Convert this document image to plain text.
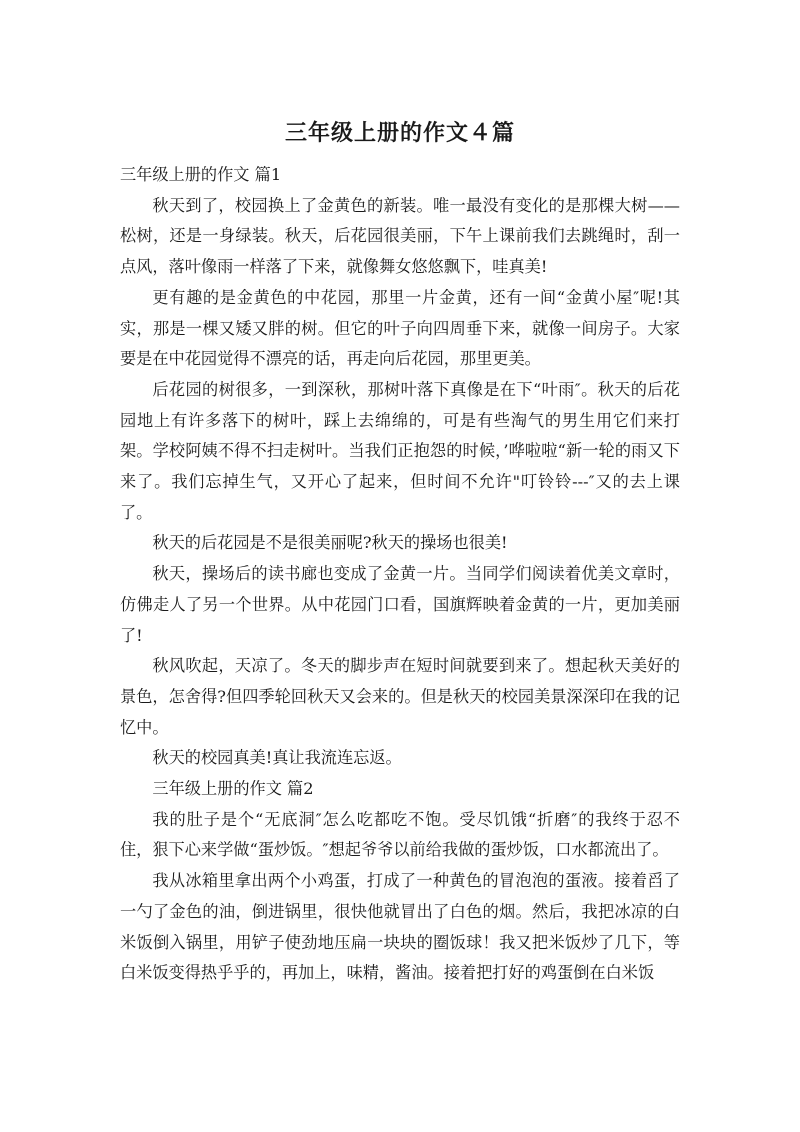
三年级上册的作文４篇

三年级上册的作文 篇1

秋天到了，校园换上了金黄色的新装。唯一最没有变化的是那棵大树——松树，还是一身绿装。秋天，后花园很美丽，下午上课前我们去跳绳时，刮一点风，落叶像雨一样落了下来，就像舞女悠悠飘下，哇真美!

更有趣的是金黄色的中花园，那里一片金黄，还有一间“金黄小屋″呢!其实，那是一棵又矮又胖的树。但它的叶子向四周垂下来，就像一间房子。大家要是在中花园觉得不漂亮的话，再走向后花园，那里更美。

后花园的树很多，一到深秋，那树叶落下真像是在下“叶雨″。秋天的后花园地上有许多落下的树叶，踩上去绵绵的，可是有些淘气的男生用它们来打架。学校阿姨不得不扫走树叶。当我们正抱怨的时候，’哗啦啦“新一轮的雨又下来了。我们忘掉生气，又开心了起来，但时间不允许"叮铃铃---″又的去上课了。

秋天的后花园是不是很美丽呢?秋天的操场也很美!

秋天，操场后的读书廊也变成了金黄一片。当同学们阅读着优美文章时，仿佛走人了另一个世界。从中花园门口看，国旗辉映着金黄的一片，更加美丽了!

秋风吹起，天凉了。冬天的脚步声在短时间就要到来了。想起秋天美好的景色，怎舍得?但四季轮回秋天又会来的。但是秋天的校园美景深深印在我的记忆中。

秋天的校园真美!真让我流连忘返。

三年级上册的作文 篇2

我的肚子是个“无底洞″怎么吃都吃不饱。受尽饥饿“折磨″的我终于忍不住，狠下心来学做“蛋炒饭。″想起爷爷以前给我做的蛋炒饭，口水都流出了。

我从冰箱里拿出两个小鸡蛋，打成了一种黄色的冒泡泡的蛋液。接着舀了一勺了金色的油，倒进锅里，很快他就冒出了白色的烟。然后，我把冰凉的白米饭倒入锅里，用铲子使劲地压扁一块块的圈饭球！我又把米饭炒了几下，等白米饭变得热乎乎的，再加上，味精，酱油。接着把打好的鸡蛋倒在白米饭
